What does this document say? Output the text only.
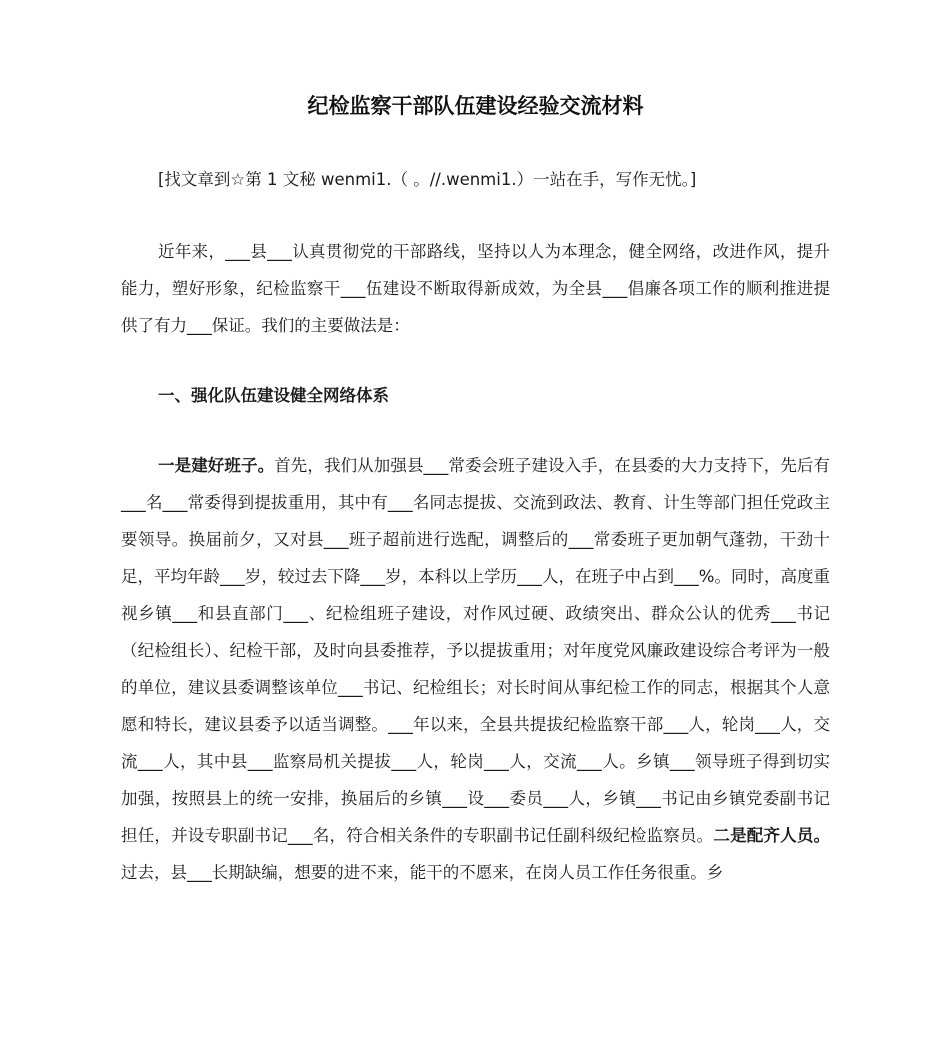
纪检监察干部队伍建设经验交流材料

[找文章到☆第 1 文秘 wenmi1.（ 。//.wenmi1.）一站在手，写作无忧。]

近年来，___县___认真贯彻党的干部路线，坚持以人为本理念，健全网络，改进作风，提升能力，塑好形象，纪检监察干___伍建设不断取得新成效，为全县___倡廉各项工作的顺利推进提供了有力___保证。我们的主要做法是：

一、强化队伍建设健全网络体系

一是建好班子。首先，我们从加强县___常委会班子建设入手，在县委的大力支持下，先后有___名___常委得到提拔重用，其中有___名同志提拔、交流到政法、教育、计生等部门担任党政主要领导。换届前夕，又对县___班子超前进行选配，调整后的___常委班子更加朝气蓬勃，干劲十足，平均年龄___岁，较过去下降___岁，本科以上学历___人，在班子中占到___%。同时，高度重视乡镇___和县直部门___、纪检组班子建设，对作风过硬、政绩突出、群众公认的优秀___书记（纪检组长）、纪检干部，及时向县委推荐，予以提拔重用；对年度党风廉政建设综合考评为一般的单位，建议县委调整该单位___书记、纪检组长；对长时间从事纪检工作的同志，根据其个人意愿和特长，建议县委予以适当调整。___年以来，全县共提拔纪检监察干部___人，轮岗___人，交流___人，其中县___监察局机关提拔___人，轮岗___人，交流___人。乡镇___领导班子得到切实加强，按照县上的统一安排，换届后的乡镇___设___委员___人，乡镇___书记由乡镇党委副书记担任，并设专职副书记___名，符合相关条件的专职副书记任副科级纪检监察员。二是配齐人员。过去，县___长期缺编，想要的进不来，能干的不愿来，在岗人员工作任务很重。乡
